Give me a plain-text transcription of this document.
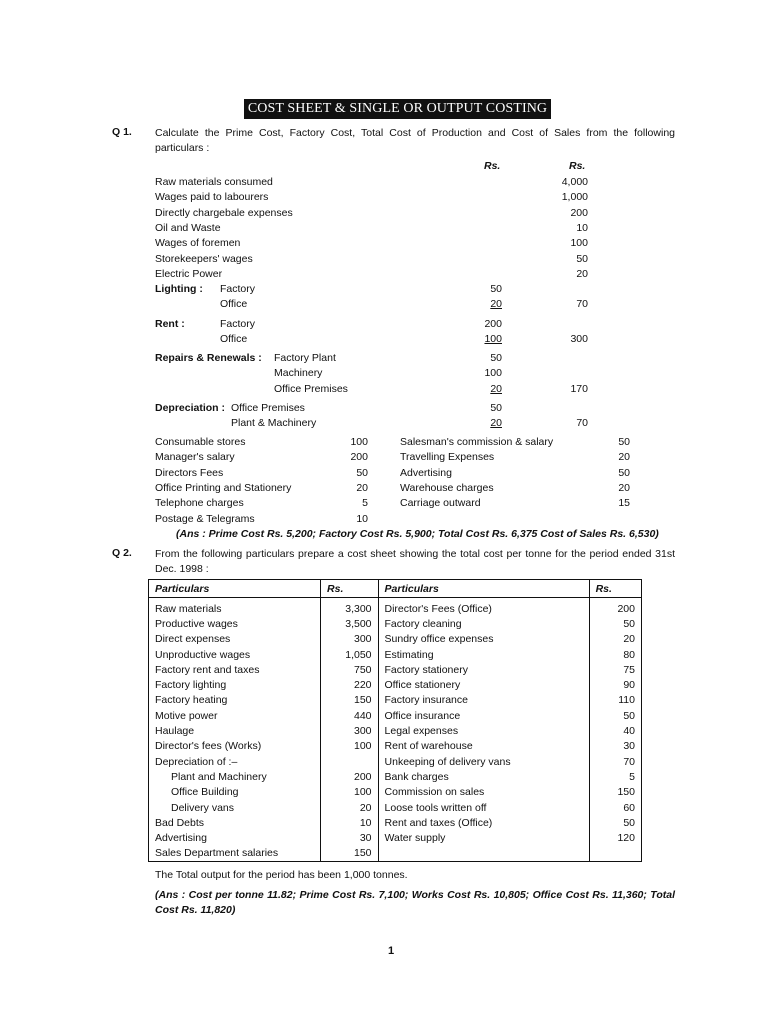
COST SHEET & SINGLE OR OUTPUT COSTING
Q 1. Calculate the Prime Cost, Factory Cost, Total Cost of Production and Cost of Sales from the following particulars :
Rs.	Rs.
Raw materials consumed	4,000
Wages paid to labourers	1,000
Directly chargebale expenses	200
Oil and Waste	10
Wages of foremen	100
Storekeepers' wages	50
Electric Power	20
Lighting : Factory	50
Office	20	70
Rent :	Factory	200
Office	100	300
Repairs & Renewals : Factory Plant	50
Machinery	100
Office Premises	20	170
Depreciation : Office Premises	50
Plant & Machinery	20	70
Consumable stores	100
Manager's salary	200
Directors Fees	50
Office Printing and Stationery	20
Telephone charges	5
Postage & Telegrams	10
Salesman's commission & salary	50
Travelling Expenses	20
Advertising	50
Warehouse charges	20
Carriage outward	15
(Ans : Prime Cost Rs. 5,200; Factory Cost Rs. 5,900; Total Cost Rs. 6,375 Cost of Sales Rs. 6,530)
Q 2. From the following particulars prepare a cost sheet showing the total cost per tonne for the period ended 31st Dec. 1998 :
Particulars	Rs.	Particulars	Rs.
Raw materials	3,300	Director's Fees (Office)	200
Productive wages	3,500	Factory cleaning	50
Direct expenses	300	Sundry office expenses	20
Unproductive wages	1,050	Estimating	80
Factory rent and taxes	750	Factory stationery	75
Factory lighting	220	Office stationery	90
Factory heating	150	Factory insurance	110
Motive power	440	Office insurance	50
Haulage	300	Legal expenses	40
Director's fees (Works)	100	Rent of warehouse	30
Depreciation of :–		Unkeeping of delivery vans	70
Plant and Machinery	200	Bank charges	5
Office Building	100	Commission on sales	150
Delivery vans	20	Loose tools written off	60
Bad Debts	10	Rent and taxes (Office)	50
Advertising	30	Water supply	120
Sales Department salaries	150		
The Total output for the period has been 1,000 tonnes.
(Ans : Cost per tonne 11.82; Prime Cost Rs. 7,100; Works Cost Rs. 10,805; Office Cost Rs. 11,360; Total Cost Rs. 11,820)
1
